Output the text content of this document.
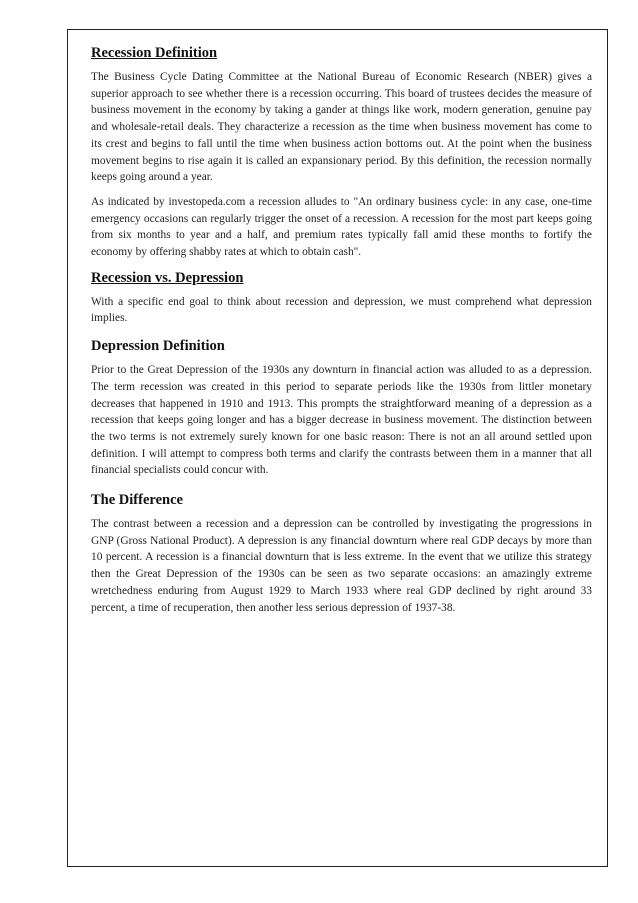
Recession Definition

The Business Cycle Dating Committee at the National Bureau of Economic Research (NBER) gives a superior approach to see whether there is a recession occurring. This board of trustees decides the measure of business movement in the economy by taking a gander at things like work, modern generation, genuine pay and wholesale-retail deals. They characterize a recession as the time when business movement has come to its crest and begins to fall until the time when business action bottoms out. At the point when the business movement begins to rise again it is called an expansionary period. By this definition, the recession normally keeps going around a year.

As indicated by investopeda.com a recession alludes to "An ordinary business cycle: in any case, one-time emergency occasions can regularly trigger the onset of a recession. A recession for the most part keeps going from six months to year and a half, and premium rates typically fall amid these months to fortify the economy by offering shabby rates at which to obtain cash".

Recession vs. Depression

With a specific end goal to think about recession and depression, we must comprehend what depression implies.

Depression Definition

Prior to the Great Depression of the 1930s any downturn in financial action was alluded to as a depression. The term recession was created in this period to separate periods like the 1930s from littler monetary decreases that happened in 1910 and 1913. This prompts the straightforward meaning of a depression as a recession that keeps going longer and has a bigger decrease in business movement. The distinction between the two terms is not extremely surely known for one basic reason: There is not an all around settled upon definition. I will attempt to compress both terms and clarify the contrasts between them in a manner that all financial specialists could concur with.

The Difference

The contrast between a recession and a depression can be controlled by investigating the progressions in GNP (Gross National Product). A depression is any financial downturn where real GDP decays by more than 10 percent. A recession is a financial downturn that is less extreme. In the event that we utilize this strategy then the Great Depression of the 1930s can be seen as two separate occasions: an amazingly extreme wretchedness enduring from August 1929 to March 1933 where real GDP declined by right around 33 percent, a time of recuperation, then another less serious depression of 1937-38.
